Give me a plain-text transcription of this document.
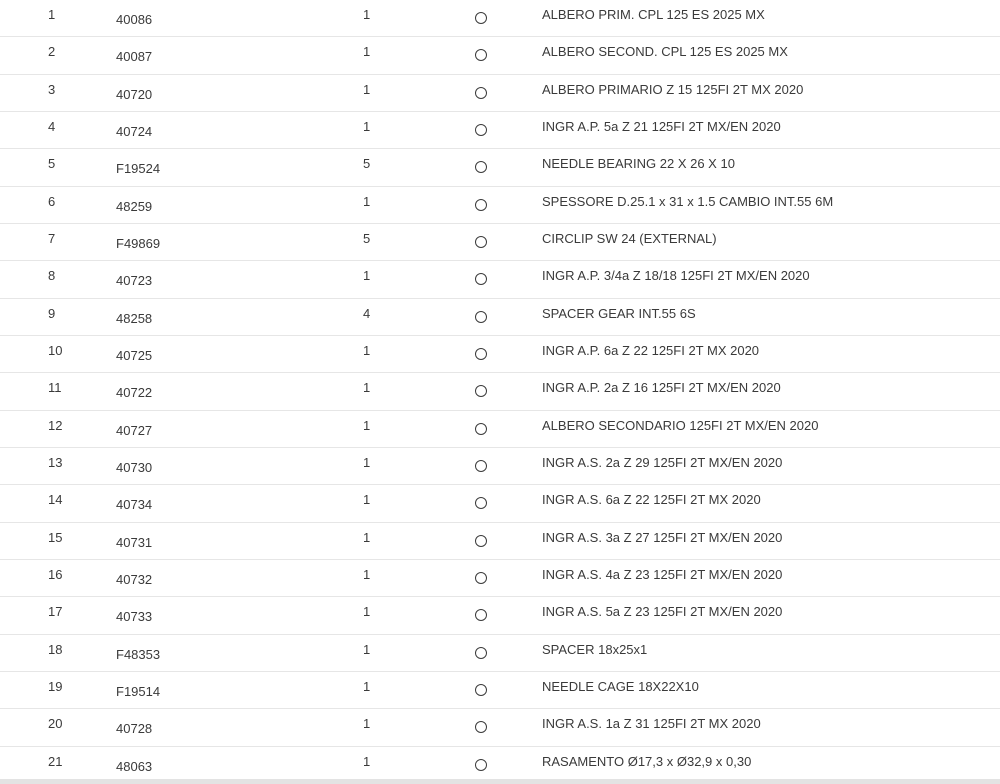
1	40086	1	ALBERO PRIM. CPL 125 ES 2025 MX
2	40087	1	ALBERO SECOND. CPL 125 ES 2025 MX
3	40720	1	ALBERO PRIMARIO Z 15 125FI 2T MX 2020
4	40724	1	INGR A.P. 5a Z 21 125FI 2T MX/EN 2020
5	F19524	5	NEEDLE BEARING 22 X 26 X 10
6	48259	1	SPESSORE D.25.1 x 31 x 1.5 CAMBIO INT.55 6M
7	F49869	5	CIRCLIP SW 24 (EXTERNAL)
8	40723	1	INGR A.P. 3/4a Z 18/18 125FI 2T MX/EN 2020
9	48258	4	SPACER GEAR INT.55 6S
10	40725	1	INGR A.P. 6a Z 22 125FI 2T MX 2020
11	40722	1	INGR A.P. 2a Z 16 125FI 2T MX/EN 2020
12	40727	1	ALBERO SECONDARIO 125FI 2T MX/EN 2020
13	40730	1	INGR A.S. 2a Z 29 125FI 2T MX/EN 2020
14	40734	1	INGR A.S. 6a Z 22 125FI 2T MX 2020
15	40731	1	INGR A.S. 3a Z 27 125FI 2T MX/EN 2020
16	40732	1	INGR A.S. 4a Z 23 125FI 2T MX/EN 2020
17	40733	1	INGR A.S. 5a Z 23 125FI 2T MX/EN 2020
18	F48353	1	SPACER 18x25x1
19	F19514	1	NEEDLE CAGE 18X22X10
20	40728	1	INGR A.S. 1a Z 31 125FI 2T MX 2020
21	48063	1	RASAMENTO Ø17,3 x Ø32,9 x 0,30
